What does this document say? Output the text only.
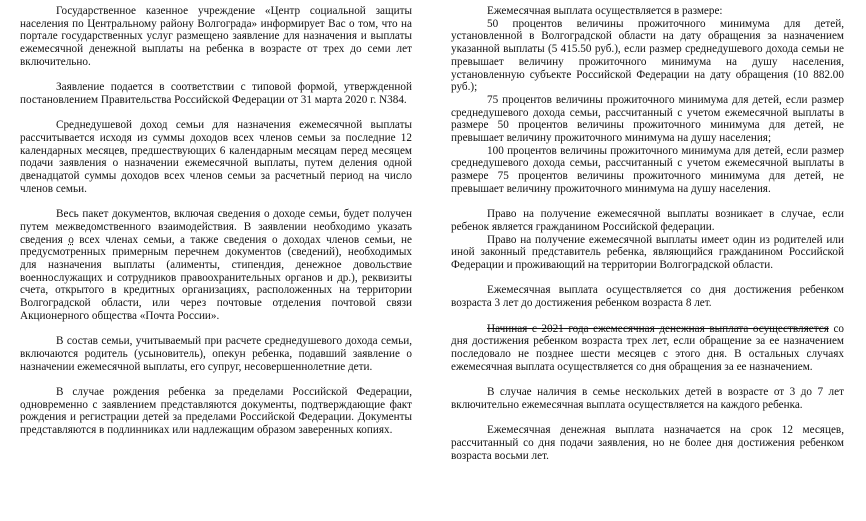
Государственное казенное учреждение «Центр социальной защиты населения по Центральному району Волгограда» информирует Вас о том, что на портале государственных услуг размещено заявление для назначения и выплаты ежемесячной денежной выплаты на ребенка в возрасте от трех до семи лет включительно.

Заявление подается в соответствии с типовой формой, утвержденной постановлением Правительства Российской Федерации от 31 марта 2020 г. N384.

Среднедушевой доход семьи для назначения ежемесячной выплаты рассчитывается исходя из суммы доходов всех членов семьи за последние 12 календарных месяцев, предшествующих 6 календарным месяцам перед месяцем подачи заявления о назначении ежемесячной выплаты, путем деления одной двенадцатой суммы доходов всех членов семьи за расчетный период на число членов семьи.

Весь пакет документов, включая сведения о доходе семьи, будет получен путем межведомственного взаимодействия. В заявлении необходимо указать сведения о всех членах семьи, а также сведения о доходах членов семьи, не предусмотренных примерным перечнем документов (сведений), необходимых для назначения выплаты (алименты, стипендия, денежное довольствие военнослужащих и сотрудников правоохранительных органов и др.), реквизиты счета, открытого в кредитных организациях, расположенных на территории Волгоградской области, или через почтовые отделения почтовой связи Акционерного общества «Почта России».

В состав семьи, учитываемый при расчете среднедушевого дохода семьи, включаются родитель (усыновитель), опекун ребенка, подавший заявление о назначении ежемесячной выплаты, его супруг, несовершеннолетние дети.

В случае рождения ребенка за пределами Российской Федерации, одновременно с заявлением представляются документы, подтверждающие факт рождения и регистрации детей за пределами Российской Федерации. Документы представляются в подлинниках или надлежащим образом заверенных копиях.

Ежемесячная выплата осуществляется в размере:

50 процентов величины прожиточного минимума для детей, установленной в Волгоградской области на дату обращения за назначением указанной выплаты (5 415.50 руб.), если размер среднедушевого дохода семьи не превышает величину прожиточного минимума на душу населения, установленную субъекте Российской Федерации на дату обращения (10 882.00 руб.);

75 процентов величины прожиточного минимума для детей, если размер среднедушевого дохода семьи, рассчитанный с учетом ежемесячной выплаты в размере 50 процентов величины прожиточного минимума для детей, не превышает величину прожиточного минимума на душу населения;

100 процентов величины прожиточного минимума для детей, если размер среднедушевого дохода семьи, рассчитанный с учетом ежемесячной выплаты в размере 75 процентов величины прожиточного минимума для детей, не превышает величину прожиточного минимума на душу населения.

Право на получение ежемесячной выплаты возникает в случае, если ребенок является гражданином Российской федерации.

Право на получение ежемесячной выплаты имеет один из родителей или иной законный представитель ребенка, являющийся гражданином Российской Федерации и проживающий на территории Волгоградской области.

Ежемесячная выплата осуществляется со дня достижения ребенком возраста 3 лет до достижения ребенком возраста 8 лет.

Начиная с 2021 года ежемесячная денежная выплата осуществляется со дня достижения ребенком возраста трех лет, если обращение за ее назначением последовало не позднее шести месяцев с этого дня. В остальных случаях ежемесячная выплата осуществляется со дня обращения за ее назначением.

В случае наличия в семье нескольких детей в возрасте от 3 до 7 лет включительно ежемесячная выплата осуществляется на каждого ребенка.

Ежемесячная денежная выплата назначается на срок 12 месяцев, рассчитанный со дня подачи заявления, но не более дня достижения ребенком возраста восьми лет.
